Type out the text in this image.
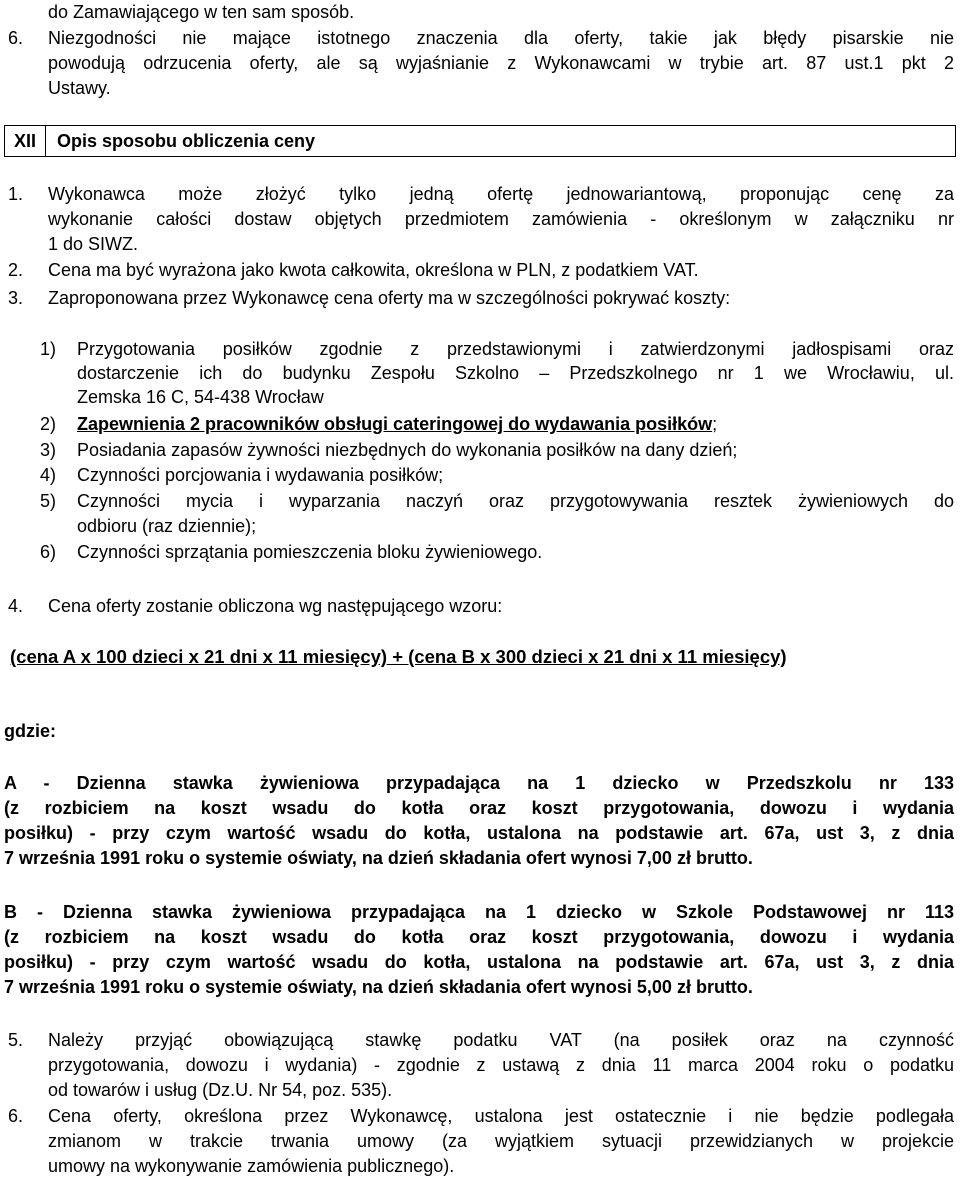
do Zamawiającego w ten sam sposób.
6. Niezgodności nie mające istotnego znaczenia dla oferty, takie jak błędy pisarskie nie
powodują odrzucenia oferty, ale są wyjaśnianie z Wykonawcami w trybie art. 87 ust.1 pkt 2
Ustawy.
XII	Opis sposobu obliczenia ceny
1. Wykonawca może złożyć tylko jedną ofertę jednowariantową, proponując cenę za
wykonanie całości dostaw objętych przedmiotem zamówienia - określonym w załączniku nr
1 do SIWZ.
2. Cena ma być wyrażona jako kwota całkowita, określona w PLN, z podatkiem VAT.
3. Zaproponowana przez Wykonawcę cena oferty ma w szczególności pokrywać koszty:
1) Przygotowania posiłków zgodnie z przedstawionymi i zatwierdzonymi jadłospisami oraz
dostarczenie ich do budynku Zespołu Szkolno – Przedszkolnego nr 1 we Wrocławiu, ul.
Zemska 16 C, 54-438 Wrocław
2) Zapewnienia 2 pracowników obsługi cateringowej do wydawania posiłków;
3) Posiadania zapasów żywności niezbędnych do wykonania posiłków na dany dzień;
4) Czynności porcjowania i wydawania posiłków;
5) Czynności mycia i wyparzania naczyń oraz przygotowywania resztek żywieniowych do
odbioru (raz dziennie);
6) Czynności sprzątania pomieszczenia bloku żywieniowego.
4. Cena oferty zostanie obliczona wg następującego wzoru:
(cena A x 100 dzieci x 21 dni x 11 miesięcy) + (cena B x 300 dzieci x 21 dni x 11 miesięcy)
gdzie:
A - Dzienna stawka żywieniowa przypadająca na 1 dziecko w Przedszkolu nr 133
(z rozbiciem na koszt wsadu do kotła oraz koszt przygotowania, dowozu i wydania
posiłku) - przy czym wartość wsadu do kotła, ustalona na podstawie art. 67a, ust 3, z dnia
7 września 1991 roku o systemie oświaty, na dzień składania ofert wynosi 7,00 zł brutto.
B - Dzienna stawka żywieniowa przypadająca na 1 dziecko w Szkole Podstawowej nr 113
(z rozbiciem na koszt wsadu do kotła oraz koszt przygotowania, dowozu i wydania
posiłku) - przy czym wartość wsadu do kotła, ustalona na podstawie art. 67a, ust 3, z dnia
7 września 1991 roku o systemie oświaty, na dzień składania ofert wynosi 5,00 zł brutto.
5. Należy przyjąć obowiązującą stawkę podatku VAT (na posiłek oraz na czynność
przygotowania, dowozu i wydania) - zgodnie z ustawą z dnia 11 marca 2004 roku o podatku
od towarów i usług (Dz.U. Nr 54, poz. 535).
6. Cena oferty, określona przez Wykonawcę, ustalona jest ostatecznie i nie będzie podlegała
zmianom w trakcie trwania umowy (za wyjątkiem sytuacji przewidzianych w projekcie
umowy na wykonywanie zamówienia publicznego).
